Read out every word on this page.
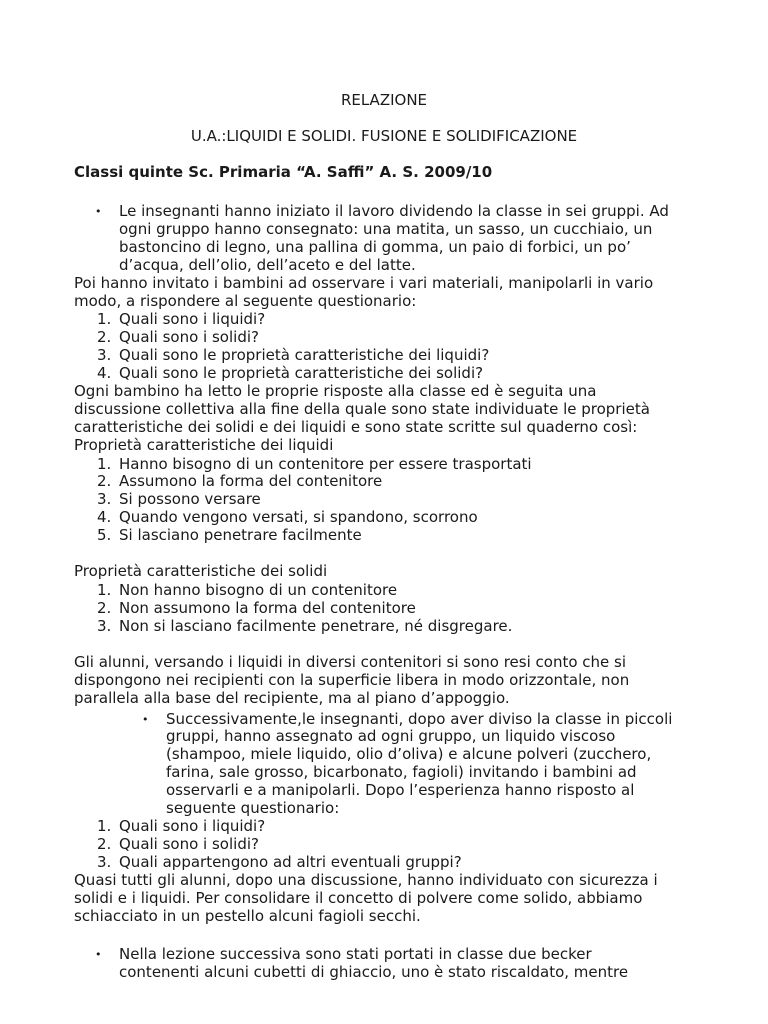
RELAZIONE
U.A.:LIQUIDI E SOLIDI. FUSIONE E SOLIDIFICAZIONE
Classi quinte Sc. Primaria “A. Saffi” A. S. 2009/10
• Le insegnanti hanno iniziato il lavoro dividendo la classe in sei gruppi. Ad
ogni gruppo hanno consegnato: una matita, un sasso, un cucchiaio, un
bastoncino di legno, una pallina di gomma, un paio di forbici, un po’
d’acqua, dell’olio, dell’aceto e del latte.
Poi hanno invitato i bambini ad osservare i vari materiali, manipolarli in vario
modo, a rispondere al seguente questionario:
1. Quali sono i liquidi?
2. Quali sono i solidi?
3. Quali sono le proprietà caratteristiche dei liquidi?
4. Quali sono le proprietà caratteristiche dei solidi?
Ogni bambino ha letto le proprie risposte alla classe ed è seguita una
discussione collettiva alla fine della quale sono state individuate le proprietà
caratteristiche dei solidi e dei liquidi e sono state scritte sul quaderno così:
Proprietà caratteristiche dei liquidi
1. Hanno bisogno di un contenitore per essere trasportati
2. Assumono la forma del contenitore
3. Si possono versare
4. Quando vengono versati, si spandono, scorrono
5. Si lasciano penetrare facilmente
Proprietà caratteristiche dei solidi
1. Non hanno bisogno di un contenitore
2. Non assumono la forma del contenitore
3. Non si lasciano facilmente penetrare, né disgregare.
Gli alunni, versando i liquidi in diversi contenitori si sono resi conto che si
dispongono nei recipienti con la superficie libera in modo orizzontale, non
parallela alla base del recipiente, ma al piano d’appoggio.
• Successivamente,le insegnanti, dopo aver diviso la classe in piccoli
gruppi, hanno assegnato ad ogni gruppo, un liquido viscoso
(shampoo, miele liquido, olio d’oliva) e alcune polveri (zucchero,
farina, sale grosso, bicarbonato, fagioli) invitando i bambini ad
osservarli e a manipolarli. Dopo l’esperienza hanno risposto al
seguente questionario:
1. Quali sono i liquidi?
2. Quali sono i solidi?
3. Quali appartengono ad altri eventuali gruppi?
Quasi tutti gli alunni, dopo una discussione, hanno individuato con sicurezza i
solidi e i liquidi. Per consolidare il concetto di polvere come solido, abbiamo
schiacciato in un pestello alcuni fagioli secchi.
• Nella lezione successiva sono stati portati in classe due becker
contenenti alcuni cubetti di ghiaccio, uno è stato riscaldato, mentre
